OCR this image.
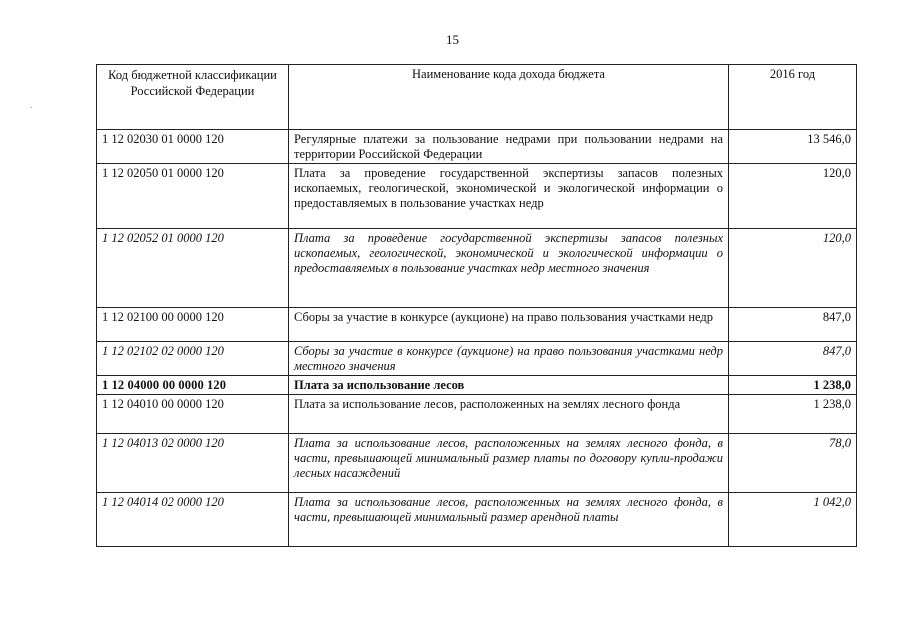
15
.
Код бюджетной классификации Российской Федерации	Наименование кода дохода бюджета	2016 год
1 12 02030 01 0000 120	Регулярные платежи за пользование недрами при пользовании недрами на территории Российской Федерации	13 546,0
1 12 02050 01 0000 120	Плата за проведение государственной экспертизы запасов полезных ископаемых, геологической, экономической и экологической информации о предоставляемых в пользование участках недр	120,0
1 12 02052 01 0000 120	Плата за проведение государственной экспертизы запасов полезных ископаемых, геологической, экономической и экологической информации о предоставляемых в пользование участках недр местного значения	120,0
1 12 02100 00 0000 120	Сборы за участие в конкурсе (аукционе) на право пользования участками недр	847,0
1 12 02102 02 0000 120	Сборы за участие в конкурсе (аукционе) на право пользования участками недр местного значения	847,0
1 12 04000 00 0000 120	Плата за использование лесов	1 238,0
1 12 04010 00 0000 120	Плата за использование лесов, расположенных на землях лесного фонда	1 238,0
1 12 04013 02 0000 120	Плата за использование лесов, расположенных на землях лесного фонда, в части, превышающей минимальный размер платы по договору купли-продажи лесных насаждений	78,0
1 12 04014 02 0000 120	Плата за использование лесов, расположенных на землях лесного фонда, в части, превышающей минимальный размер арендной платы	1 042,0
